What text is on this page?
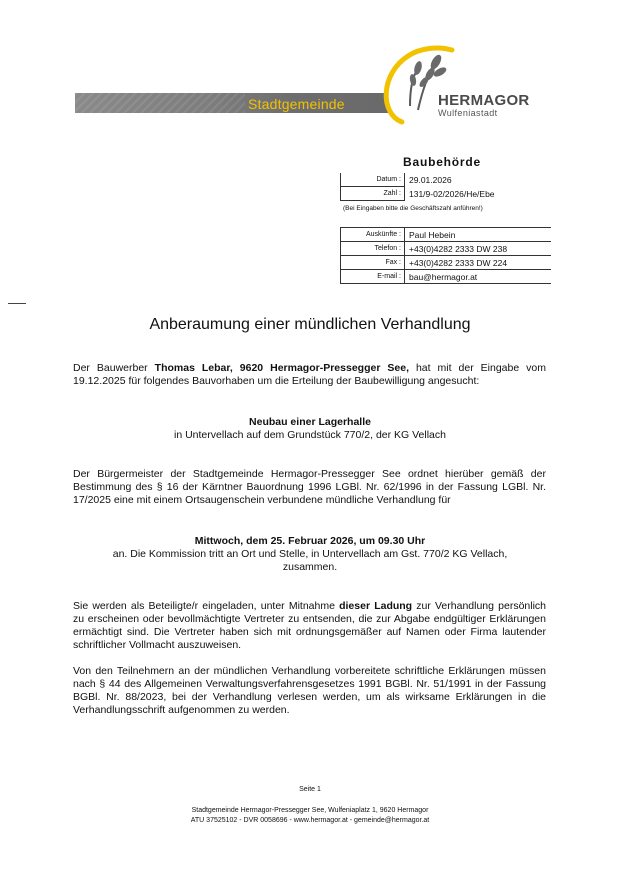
Stadtgemeinde	HERMAGOR
Wulfeniastadt
Baubehörde
Datum :	29.01.2026
Zahl :	131/9-02/2026/He/Ebe
(Bei Eingaben bitte die Geschäftszahl anführen!)
Auskünfte :	Paul Hebein
Telefon :	+43(0)4282 2333 DW 238
Fax :	+43(0)4282 2333 DW 224
E-mail :	bau@hermagor.at
Anberaumung einer mündlichen Verhandlung
Der Bauwerber Thomas Lebar, 9620 Hermagor-Pressegger See, hat mit der Eingabe vom 19.12.2025 für folgendes Bauvorhaben um die Erteilung der Baubewilligung angesucht:
Neubau einer Lagerhalle
in Untervellach auf dem Grundstück 770/2, der KG Vellach
Der Bürgermeister der Stadtgemeinde Hermagor-Pressegger See ordnet hierüber gemäß der Bestimmung des § 16 der Kärntner Bauordnung 1996 LGBl. Nr. 62/1996 in der Fassung LGBl. Nr. 17/2025 eine mit einem Ortsaugenschein verbundene mündliche Verhandlung für
Mittwoch, dem 25. Februar 2026, um 09.30 Uhr
an. Die Kommission tritt an Ort und Stelle, in Untervellach am Gst. 770/2 KG Vellach,
zusammen.
Sie werden als Beteiligte/r eingeladen, unter Mitnahme dieser Ladung zur Verhandlung persönlich zu erscheinen oder bevollmächtigte Vertreter zu entsenden, die zur Abgabe endgültiger Erklärungen ermächtigt sind. Die Vertreter haben sich mit ordnungsgemäßer auf Namen oder Firma lautender schriftlicher Vollmacht auszuweisen.
Von den Teilnehmern an der mündlichen Verhandlung vorbereitete schriftliche Erklärungen müssen nach § 44 des Allgemeinen Verwaltungsverfahrensgesetzes 1991 BGBl. Nr. 51/1991 in der Fassung BGBl. Nr. 88/2023, bei der Verhandlung verlesen werden, um als wirksame Erklärungen in die Verhandlungsschrift aufgenommen zu werden.
Seite 1
Stadtgemeinde Hermagor-Pressegger See, Wulfeniaplatz 1, 9620 Hermagor
ATU 37525102 - DVR 0058696 - www.hermagor.at - gemeinde@hermagor.at
